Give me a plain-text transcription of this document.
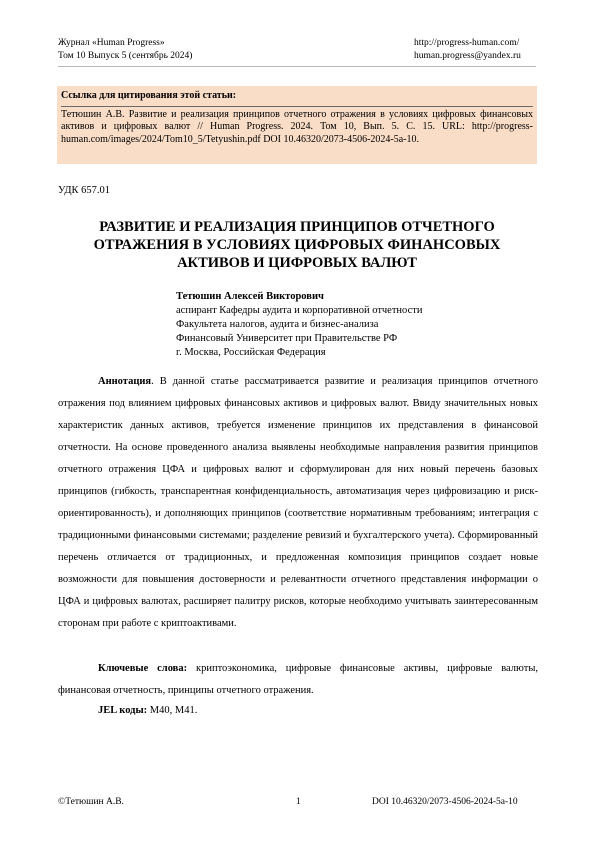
Журнал «Human Progress»
Том 10 Выпуск 5 (сентябрь 2024)
http://progress-human.com/
human.progress@yandex.ru
Ссылка для цитирования этой статьи:
Тетюшин А.В. Развитие и реализация принципов отчетного отражения в условиях цифровых финансовых активов и цифровых валют // Human Progress. 2024. Том 10, Вып. 5. C. 15. URL: http://progress-human.com/images/2024/Tom10_5/Tetyushin.pdf DOI 10.46320/2073-4506-2024-5a-10.
УДК 657.01
РАЗВИТИЕ И РЕАЛИЗАЦИЯ ПРИНЦИПОВ ОТЧЕТНОГО
ОТРАЖЕНИЯ В УСЛОВИЯХ ЦИФРОВЫХ ФИНАНСОВЫХ
АКТИВОВ И ЦИФРОВЫХ ВАЛЮТ
Тетюшин Алексей Викторович
аспирант Кафедры аудита и корпоративной отчетности
Факультета налогов, аудита и бизнес-анализа
Финансовый Университет при Правительстве РФ
г. Москва, Российская Федерация
Аннотация. В данной статье рассматривается развитие и реализация принципов отчетного отражения под влиянием цифровых финансовых активов и цифровых валют. Ввиду значительных новых характеристик данных активов, требуется изменение принципов их представления в финансовой отчетности. На основе проведенного анализа выявлены необходимые направления развития принципов отчетного отражения ЦФА и цифровых валют и сформулирован для них новый перечень базовых принципов (гибкость, транспарентная конфиденциальность, автоматизация через цифровизацию и риск-ориентированность), и дополняющих принципов (соответствие нормативным требованиям; интеграция с традиционными финансовыми системами; разделение ревизий и бухгалтерского учета). Сформированный перечень отличается от традиционных, и предложенная композиция принципов создает новые возможности для повышения достоверности и релевантности отчетного представления информации о ЦФА и цифровых валютах, расширяет палитру рисков, которые необходимо учитывать заинтересованным сторонам при работе с криптоактивами.
Ключевые слова: криптоэкономика, цифровые финансовые активы, цифровые валюты, финансовая отчетность, принципы отчетного отражения.
JEL коды: M40, M41.
©Тетюшин А.В.	1	DOI 10.46320/2073-4506-2024-5a-10
